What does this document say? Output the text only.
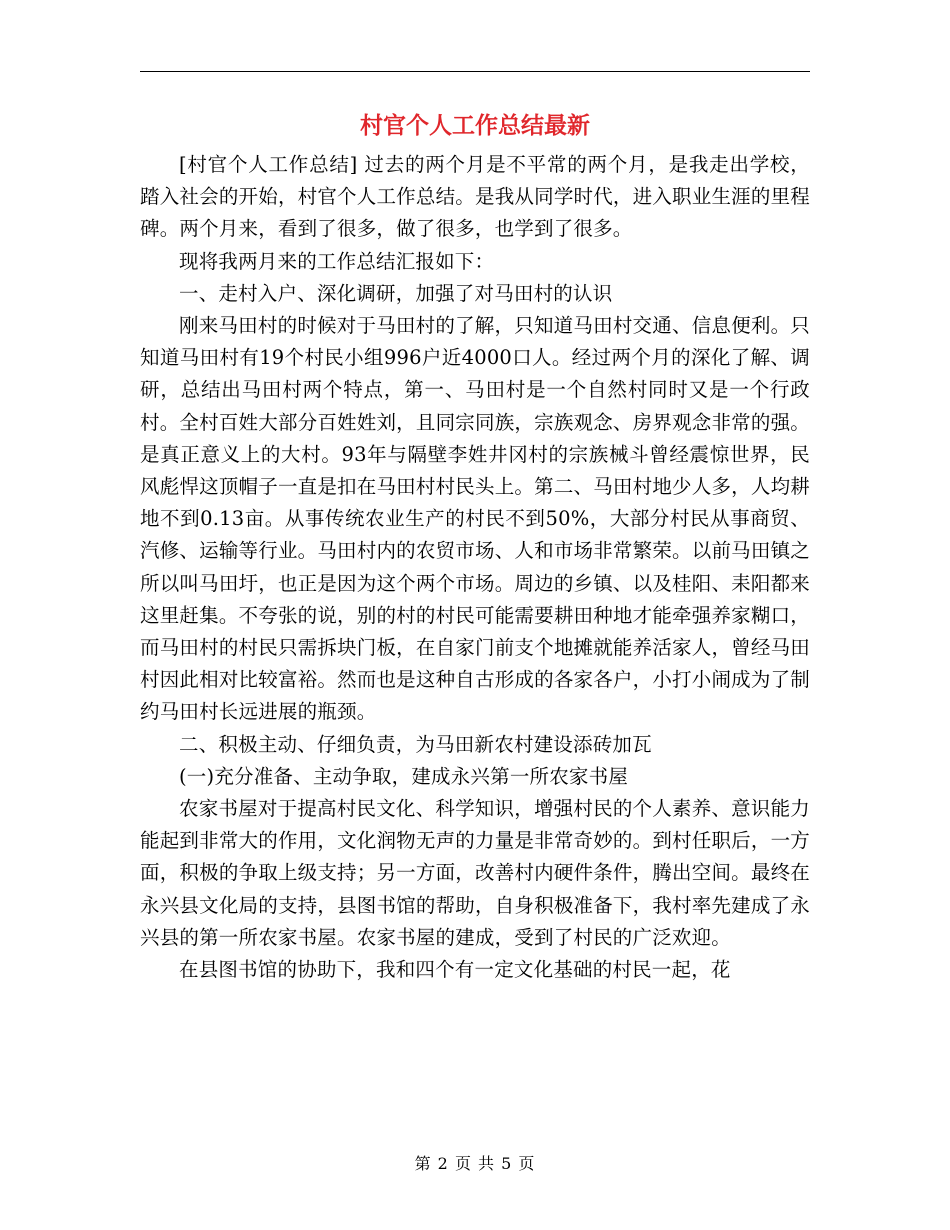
村官个人工作总结最新

[村官个人工作总结] 过去的两个月是不平常的两个月，是我走出学校，踏入社会的开始，村官个人工作总结。是我从同学时代，进入职业生涯的里程碑。两个月来，看到了很多，做了很多，也学到了很多。

现将我两月来的工作总结汇报如下：

一、走村入户、深化调研，加强了对马田村的认识

刚来马田村的时候对于马田村的了解，只知道马田村交通、信息便利。只知道马田村有19个村民小组996户近4000口人。经过两个月的深化了解、调研，总结出马田村两个特点，第一、马田村是一个自然村同时又是一个行政村。全村百姓大部分百姓姓刘，且同宗同族，宗族观念、房界观念非常的强。是真正意义上的大村。93年与隔壁李姓井冈村的宗族械斗曾经震惊世界，民风彪悍这顶帽子一直是扣在马田村村民头上。第二、马田村地少人多，人均耕地不到0.13亩。从事传统农业生产的村民不到50%，大部分村民从事商贸、汽修、运输等行业。马田村内的农贸市场、人和市场非常繁荣。以前马田镇之所以叫马田圩，也正是因为这个两个市场。周边的乡镇、以及桂阳、耒阳都来这里赶集。不夸张的说，别的村的村民可能需要耕田种地才能牵强养家糊口，而马田村的村民只需拆块门板，在自家门前支个地摊就能养活家人，曾经马田村因此相对比较富裕。然而也是这种自古形成的各家各户，小打小闹成为了制约马田村长远进展的瓶颈。

二、积极主动、仔细负责，为马田新农村建设添砖加瓦

(一)充分准备、主动争取，建成永兴第一所农家书屋

农家书屋对于提高村民文化、科学知识，增强村民的个人素养、意识能力能起到非常大的作用，文化润物无声的力量是非常奇妙的。到村任职后，一方面，积极的争取上级支持；另一方面，改善村内硬件条件，腾出空间。最终在永兴县文化局的支持，县图书馆的帮助，自身积极准备下，我村率先建成了永兴县的第一所农家书屋。农家书屋的建成，受到了村民的广泛欢迎。

在县图书馆的协助下，我和四个有一定文化基础的村民一起，花

第 2 页 共 5 页
